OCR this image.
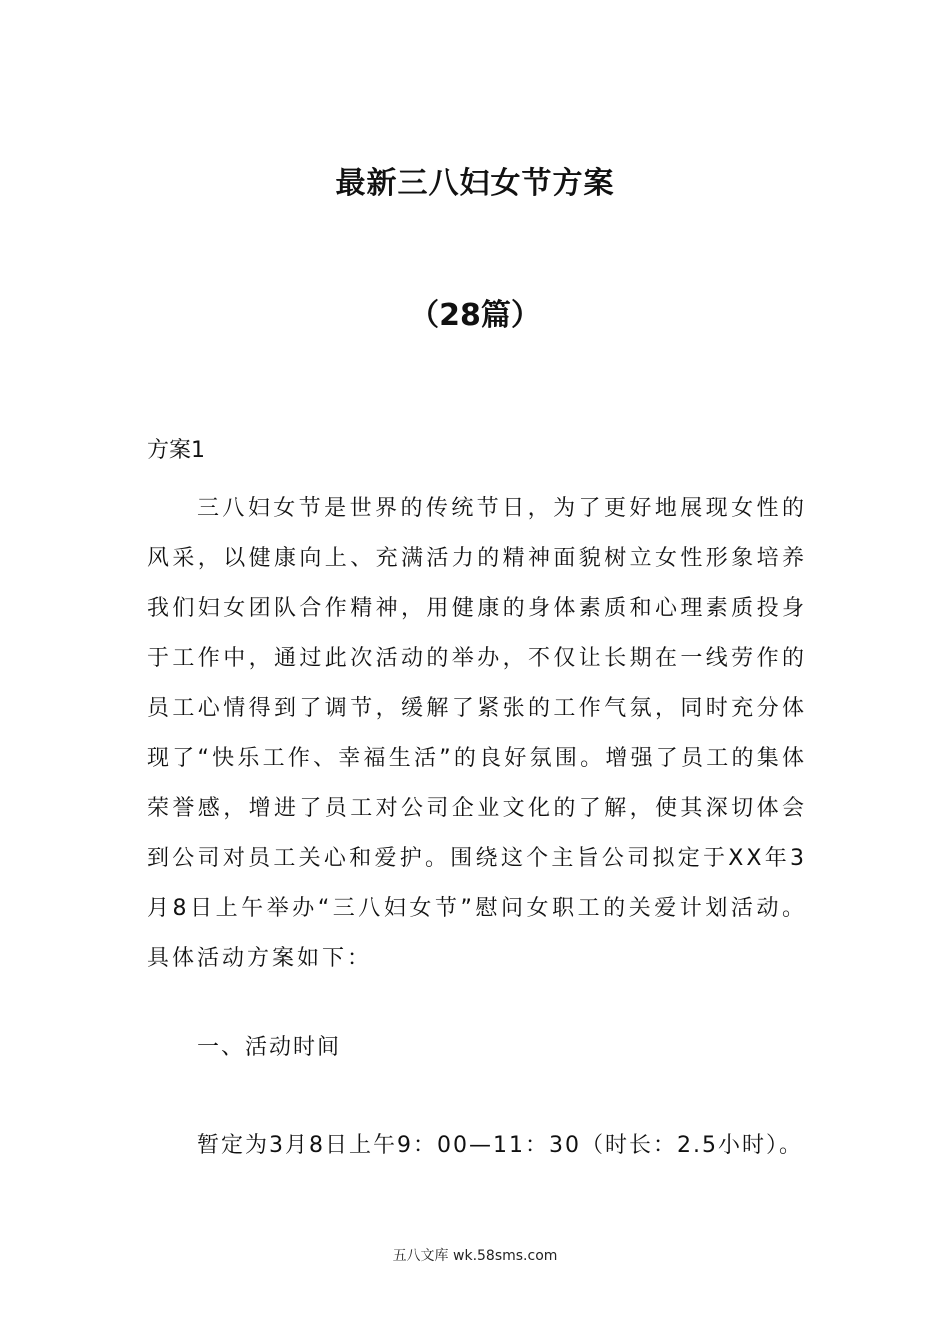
最新三八妇女节方案
（28篇）
方案1

三八妇女节是世界的传统节日，为了更好地展现女性的风采，以健康向上、充满活力的精神面貌树立女性形象培养我们妇女团队合作精神，用健康的身体素质和心理素质投身于工作中，通过此次活动的举办，不仅让长期在一线劳作的员工心情得到了调节，缓解了紧张的工作气氛，同时充分体现了“快乐工作、幸福生活”的良好氛围。增强了员工的集体荣誉感，增进了员工对公司企业文化的了解，使其深切体会到公司对员工关心和爱护。围绕这个主旨公司拟定于XX年3月8日上午举办“三八妇女节”慰问女职工的关爱计划活动。具体活动方案如下：

一、活动时间
暂定为3月8日上午9：00—11：30（时长：2.5小时）。
五八文库 wk.58sms.com
